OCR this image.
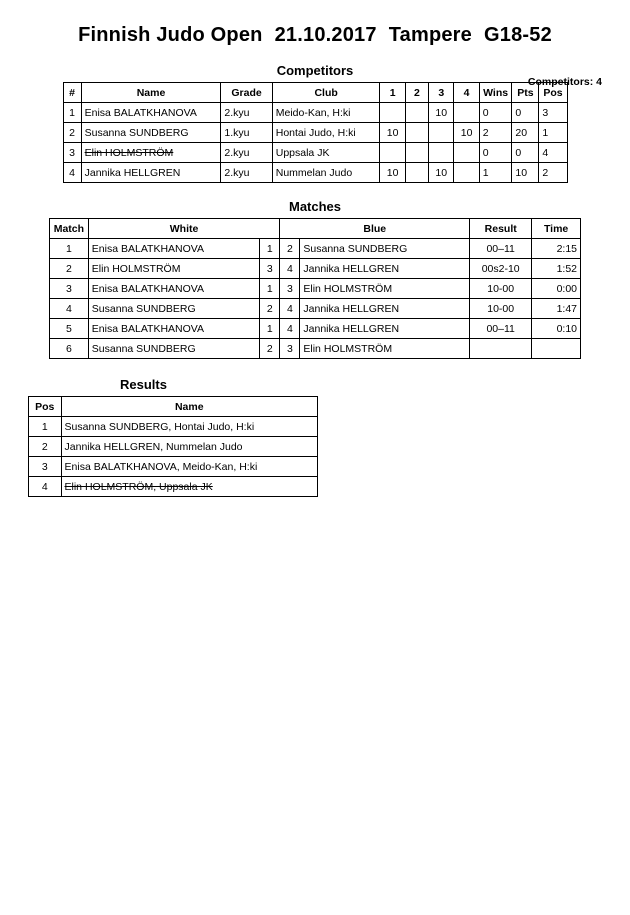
Finnish Judo Open 21.10.2017 Tampere G18-52
Competitors: 4
Competitors
#	Name	Grade	Club	1	2	3	4	Wins	Pts	Pos
1	Enisa BALATKHANOVA	2.kyu	Meido-Kan, H:ki			10		0	0	3
2	Susanna SUNDBERG	1.kyu	Hontai Judo, H:ki	10			10	2	20	1
3	Elin HOLMSTRÖM	2.kyu	Uppsala JK					0	0	4
4	Jannika HELLGREN	2.kyu	Nummelan Judo	10		10		1	10	2
Matches
Match	White		Blue		Result	Time
1	Enisa BALATKHANOVA	1	2	Susanna SUNDBERG	00–11	2:15
2	Elin HOLMSTRÖM	3	4	Jannika HELLGREN	00s2-10	1:52
3	Enisa BALATKHANOVA	1	3	Elin HOLMSTRÖM	10-00	0:00
4	Susanna SUNDBERG	2	4	Jannika HELLGREN	10-00	1:47
5	Enisa BALATKHANOVA	1	4	Jannika HELLGREN	00–11	0:10
6	Susanna SUNDBERG	2	3	Elin HOLMSTRÖM		
Results
Pos	Name
1	Susanna SUNDBERG, Hontai Judo, H:ki
2	Jannika HELLGREN, Nummelan Judo
3	Enisa BALATKHANOVA, Meido-Kan, H:ki
4	Elin HOLMSTRÖM, Uppsala JK
